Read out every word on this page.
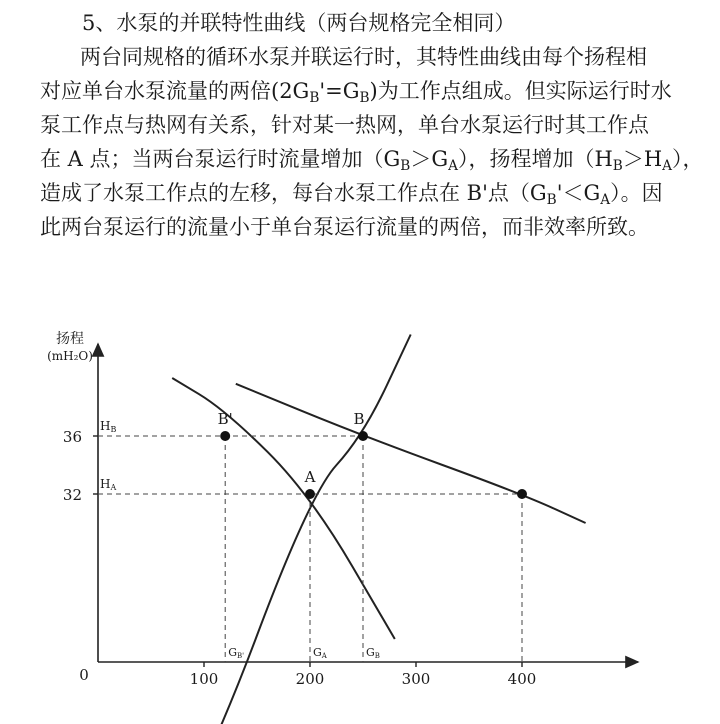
5、水泵的并联特性曲线（两台规格完全相同）
两台同规格的循环水泵并联运行时，其特性曲线由每个扬程相
对应单台水泵流量的两倍$(2G_B'=G_B)$为工作点组成。但实际运行时水
泵工作点与热网有关系，针对某一热网，单台水泵运行时其工作点
在 A 点；当两台泵运行时流量增加$(G_B>G_A)$，扬程增加$(H_B>H_A)$，
造成了水泵工作点的左移，每台水泵工作点在 B'点$(G_B'<G_A)$。因
此两台泵运行的流量小于单台泵运行流量的两倍，而非效率所致。
扬程
(mH₂O)
0
HB
HA
32
36
100	200	300	400
GB'	GA	GB
B'
A
B
